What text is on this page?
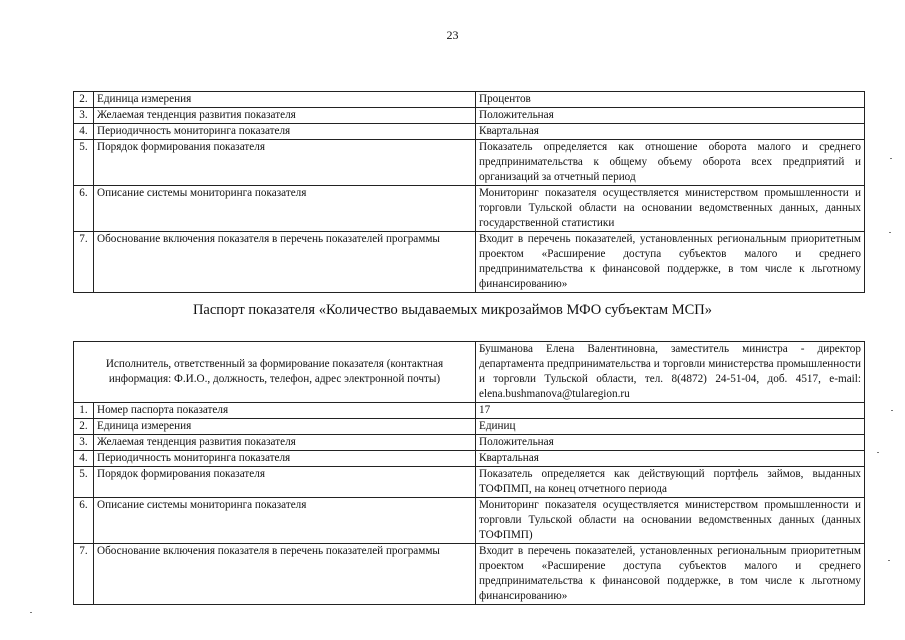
23
2.	Единица измерения	Процентов
3.	Желаемая тенденция развития показателя	Положительная
4.	Периодичность мониторинга показателя	Квартальная
5.	Порядок формирования показателя	Показатель определяется как отношение оборота малого и среднего предпринимательства к общему объему оборота всех предприятий и организаций за отчетный период
6.	Описание системы мониторинга показателя	Мониторинг показателя осуществляется министерством промышленности и торговли Тульской области на основании ведомственных данных, данных государственной статистики
7.	Обоснование включения показателя в перечень показателей программы	Входит в перечень показателей, установленных региональным приоритетным проектом «Расширение доступа субъектов малого и среднего предпринимательства к финансовой поддержке, в том числе к льготному финансированию»
Паспорт показателя «Количество выдаваемых микрозаймов МФО субъектам МСП»
Исполнитель, ответственный за формирование показателя (контактная информация: Ф.И.О., должность, телефон, адрес электронной почты)		Бушманова Елена Валентиновна, заместитель министра - директор департамента предпринимательства и торговли министерства промышленности и торговли Тульской области, тел. 8(4872) 24-51-04, доб. 4517, e-mail: elena.bushmanova@tularegion.ru
1.	Номер паспорта показателя	17
2.	Единица измерения	Единиц
3.	Желаемая тенденция развития показателя	Положительная
4.	Периодичность мониторинга показателя	Квартальная
5.	Порядок формирования показателя	Показатель определяется как действующий портфель займов, выданных ТОФПМП, на конец отчетного периода
6.	Описание системы мониторинга показателя	Мониторинг показателя осуществляется министерством промышленности и торговли Тульской области на основании ведомственных данных (данных ТОФПМП)
7.	Обоснование включения показателя в перечень показателей программы	Входит в перечень показателей, установленных региональным приоритетным проектом «Расширение доступа субъектов малого и среднего предпринимательства к финансовой поддержке, в том числе к льготному финансированию»
